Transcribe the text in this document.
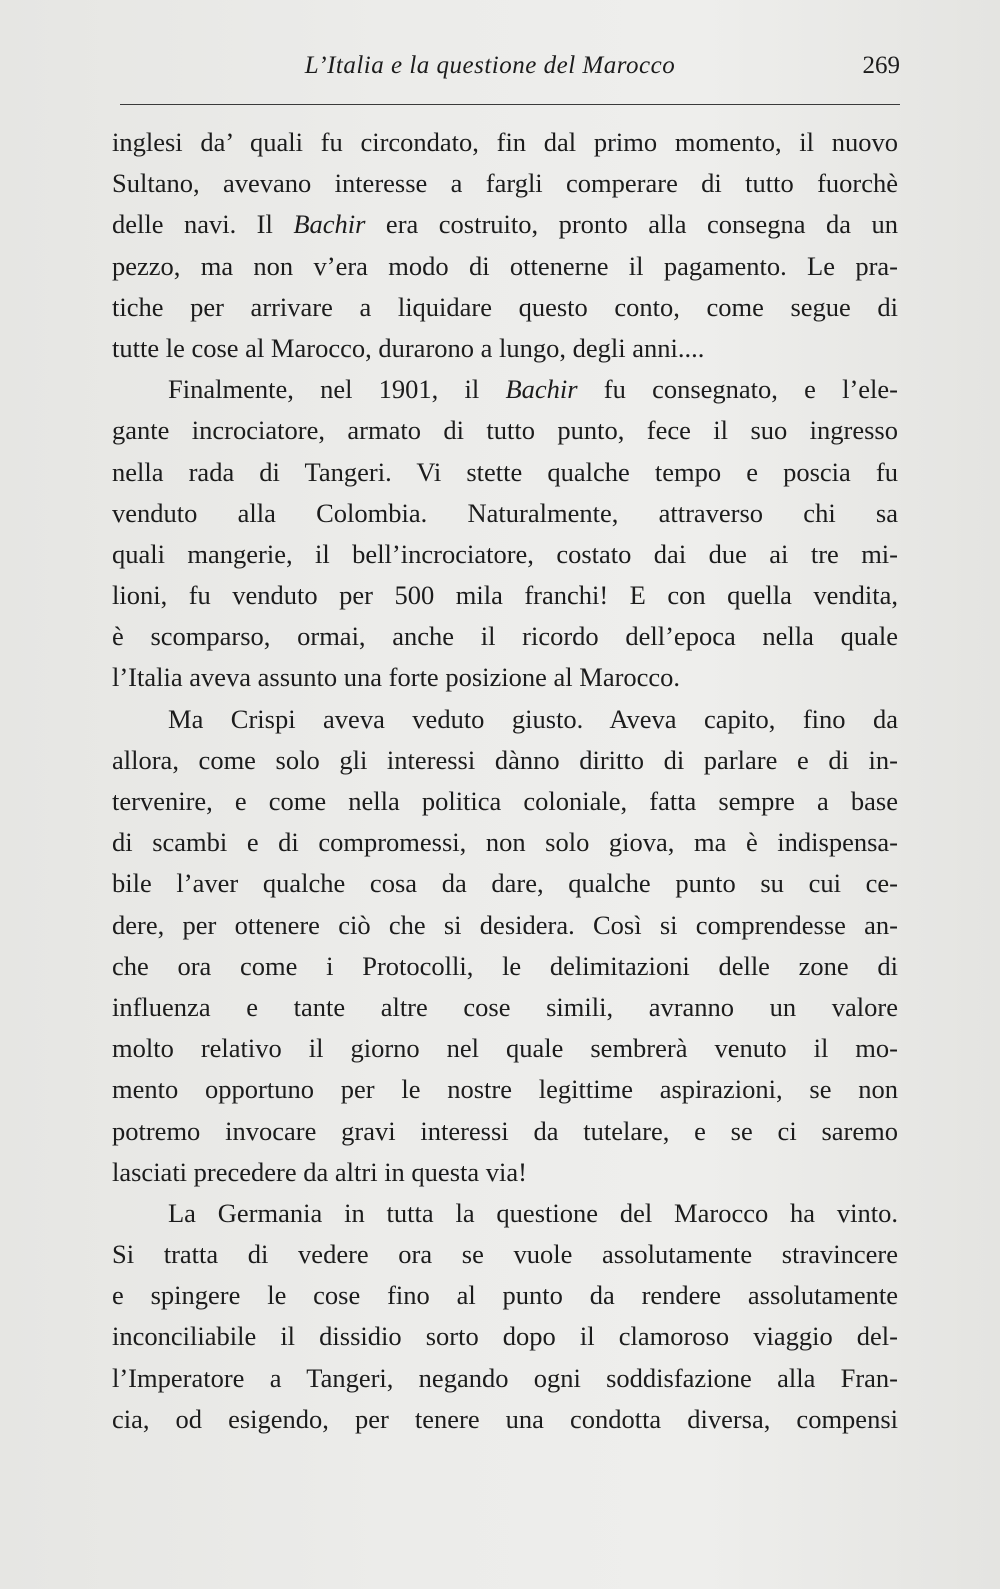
L’Italia e la questione del Marocco	269
inglesi da’ quali fu circondato, fin dal primo momento, il nuovo
Sultano, avevano interesse a fargli comperare di tutto fuorchè
delle navi. Il Bachir era costruito, pronto alla consegna da un
pezzo, ma non v’era modo di ottenerne il pagamento. Le pra-
tiche per arrivare a liquidare questo conto, come segue di
tutte le cose al Marocco, durarono a lungo, degli anni....
Finalmente, nel 1901, il Bachir fu consegnato, e l’ele-
gante incrociatore, armato di tutto punto, fece il suo ingresso
nella rada di Tangeri. Vi stette qualche tempo e poscia fu
venduto alla Colombia. Naturalmente, attraverso chi sa
quali mangerie, il bell’incrociatore, costato dai due ai tre mi-
lioni, fu venduto per 500 mila franchi! E con quella vendita,
è scomparso, ormai, anche il ricordo dell’epoca nella quale
l’Italia aveva assunto una forte posizione al Marocco.
Ma Crispi aveva veduto giusto. Aveva capito, fino da
allora, come solo gli interessi dànno diritto di parlare e di in-
tervenire, e come nella politica coloniale, fatta sempre a base
di scambi e di compromessi, non solo giova, ma è indispensa-
bile l’aver qualche cosa da dare, qualche punto su cui ce-
dere, per ottenere ciò che si desidera. Così si comprendesse an-
che ora come i Protocolli, le delimitazioni delle zone di
influenza e tante altre cose simili, avranno un valore
molto relativo il giorno nel quale sembrerà venuto il mo-
mento opportuno per le nostre legittime aspirazioni, se non
potremo invocare gravi interessi da tutelare, e se ci saremo
lasciati precedere da altri in questa via!
La Germania in tutta la questione del Marocco ha vinto.
Si tratta di vedere ora se vuole assolutamente stravincere
e spingere le cose fino al punto da rendere assolutamente
inconciliabile il dissidio sorto dopo il clamoroso viaggio del-
l’Imperatore a Tangeri, negando ogni soddisfazione alla Fran-
cia, od esigendo, per tenere una condotta diversa, compensi
